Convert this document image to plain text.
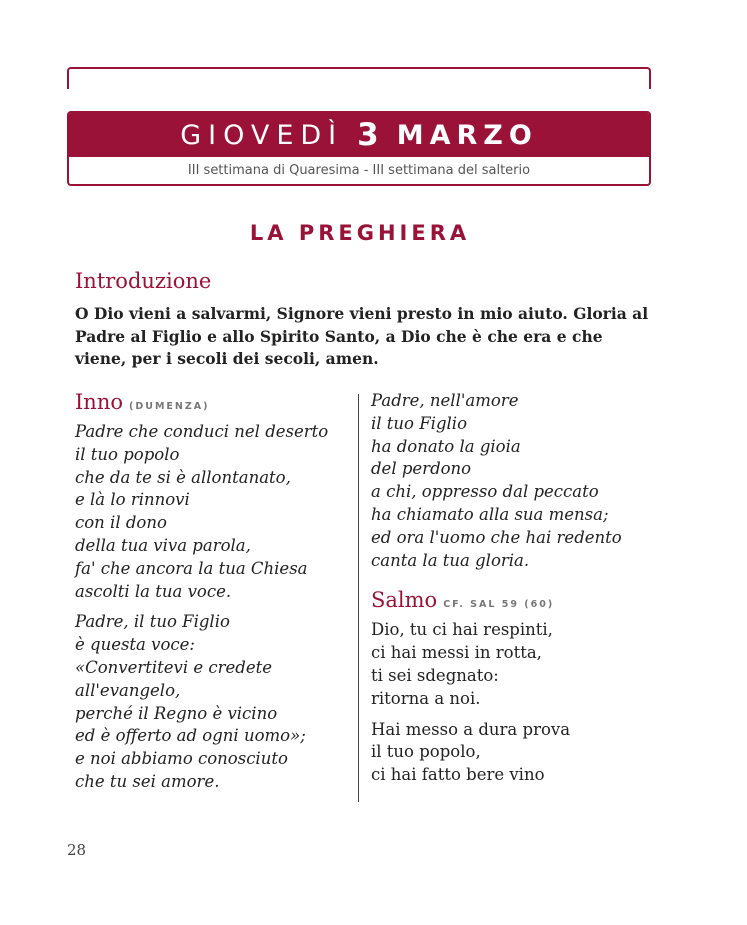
GIOVEDÌ 3 MARZO
III settimana di Quaresima - III settimana del salterio
LA PREGHIERA
Introduzione
O Dio vieni a salvarmi, Signore vieni presto in mio aiuto. Gloria al Padre al Figlio e allo Spirito Santo, a Dio che è che era e che viene, per i secoli dei secoli, amen.
Inno (DUMENZA)

Padre che conduci nel deserto
il tuo popolo
che da te si è allontanato,
e là lo rinnovi
con il dono
della tua viva parola,
fa' che ancora la tua Chiesa
ascolti la tua voce.

Padre, il tuo Figlio
è questa voce:
«Convertitevi e credete
all'evangelo,
perché il Regno è vicino
ed è offerto ad ogni uomo»;
e noi abbiamo conosciuto
che tu sei amore.

Padre, nell'amore
il tuo Figlio
ha donato la gioia
del perdono
a chi, oppresso dal peccato
ha chiamato alla sua mensa;
ed ora l'uomo che hai redento
canta la tua gloria.

Salmo CF. SAL 59 (60)

Dio, tu ci hai respinti,
ci hai messi in rotta,
ti sei sdegnato:
ritorna a noi.

Hai messo a dura prova
il tuo popolo,
ci hai fatto bere vino

28
